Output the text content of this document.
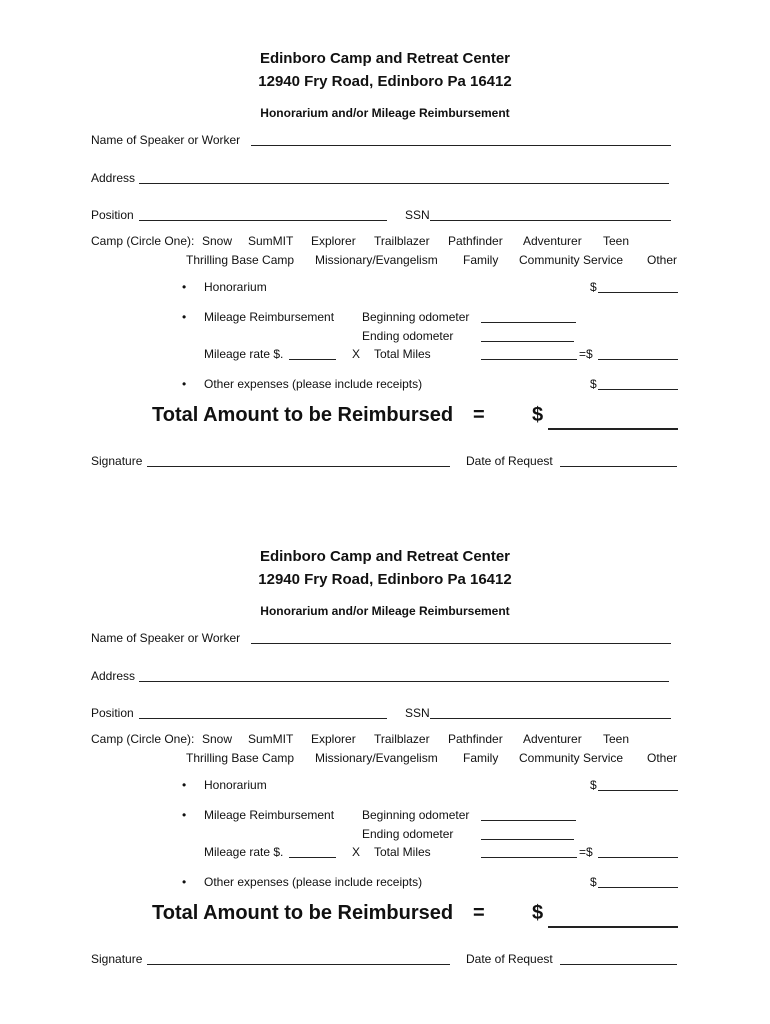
Edinboro Camp and Retreat Center
12940 Fry Road, Edinboro Pa 16412
Honorarium and/or Mileage Reimbursement
Name of Speaker or Worker
Address
Position	SSN
Camp (Circle One): Snow SumMIT Explorer Trailblazer Pathfinder Adventurer Teen
Thrilling Base Camp Missionary/Evangelism Family Community Service Other
• Honorarium	$
• Mileage Reimbursement Beginning odometer
Ending odometer
Mileage rate $.	X Total Miles	=$
• Other expenses (please include receipts)	$
Total Amount to be Reimbursed = $
Signature	Date of Request
Edinboro Camp and Retreat Center
12940 Fry Road, Edinboro Pa 16412
Honorarium and/or Mileage Reimbursement
Name of Speaker or Worker
Address
Position	SSN
Camp (Circle One): Snow SumMIT Explorer Trailblazer Pathfinder Adventurer Teen
Thrilling Base Camp Missionary/Evangelism Family Community Service Other
• Honorarium	$
• Mileage Reimbursement Beginning odometer
Ending odometer
Mileage rate $.	X Total Miles	=$
• Other expenses (please include receipts)	$
Total Amount to be Reimbursed = $
Signature	Date of Request
